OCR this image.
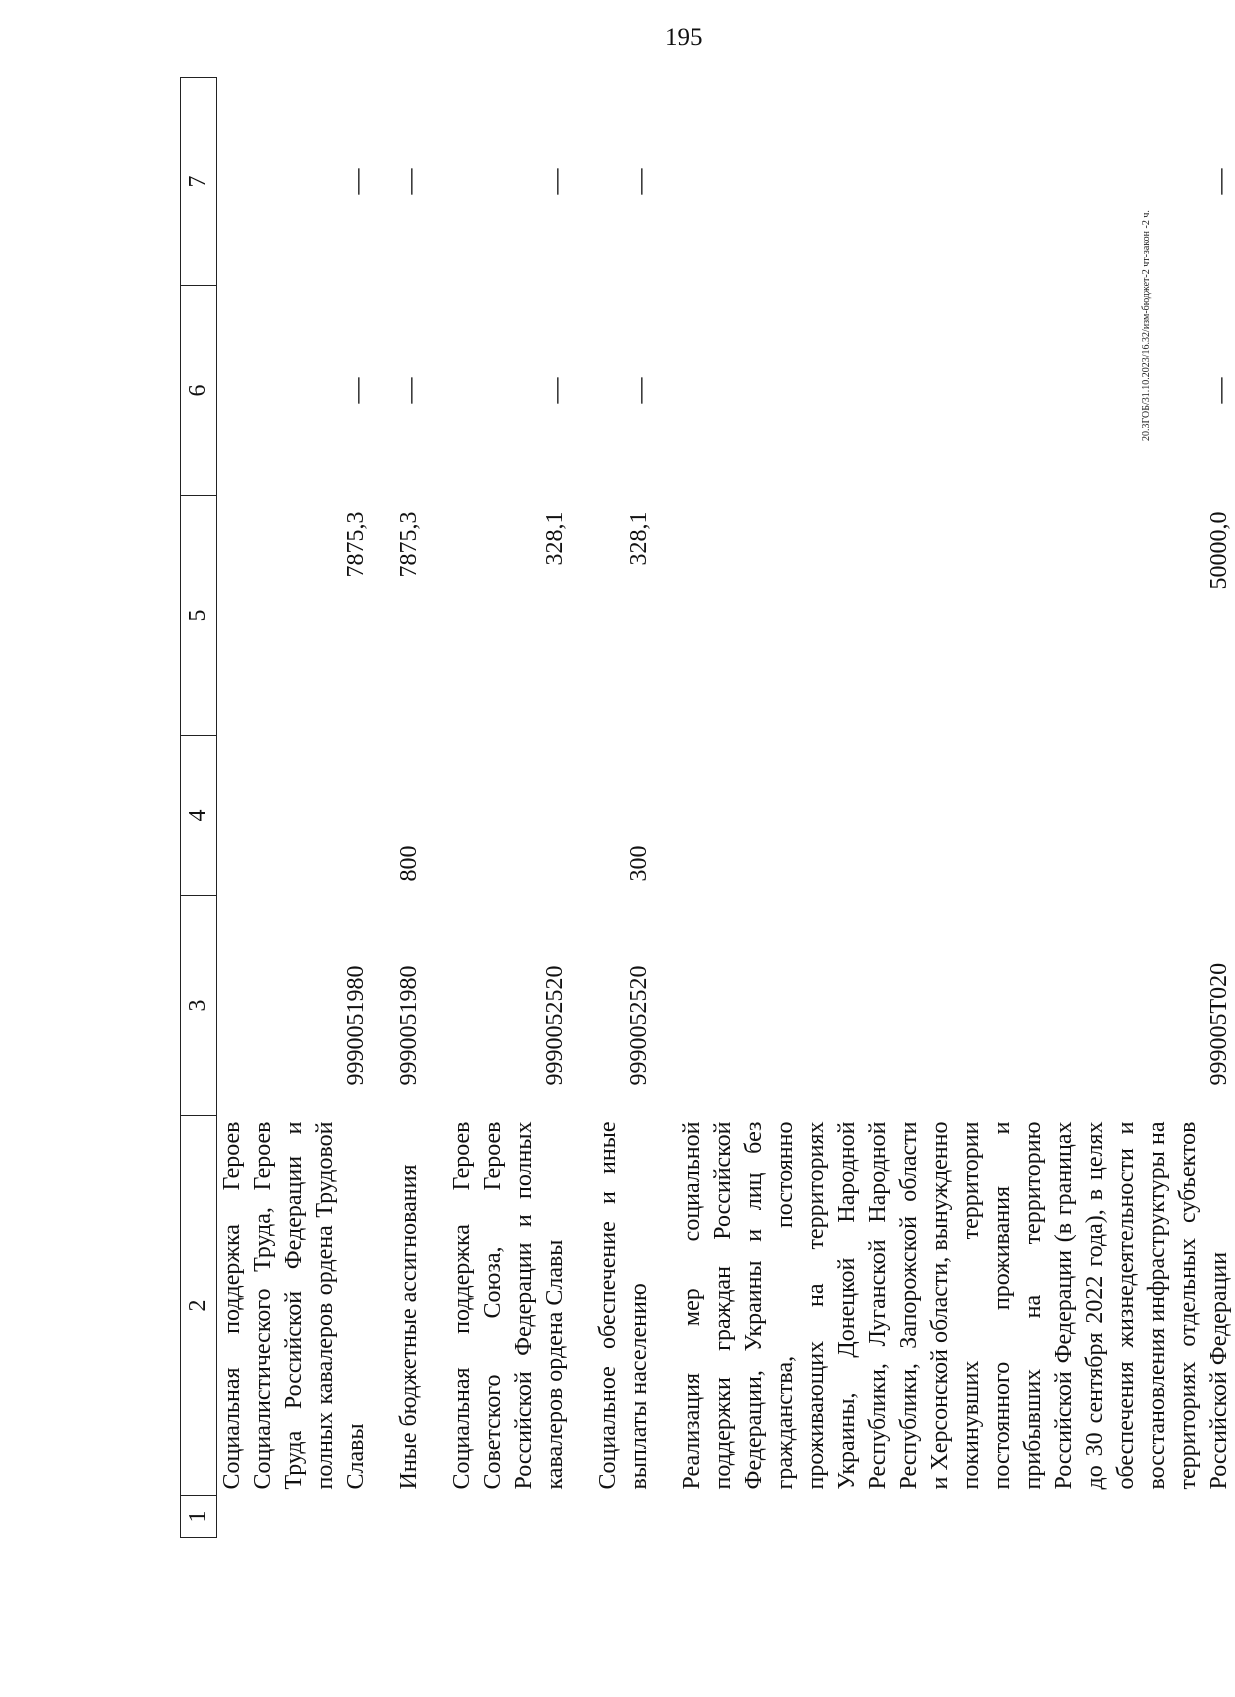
195
20.3ГОБ/31.10.2023/16.32/изм-бюджет-2 чт-закон -2 ч.
1	2	3	4	5	6	7
	Социальная поддержка Героев Социалистического Труда, Героев Труда Российской Федерации и полных кавалеров ордена Трудовой Славы	9990051980		7875,3	—	—

	Иные бюджетные ассигнования	9990051980	800	7875,3	—	—

	Социальная поддержка Героев Советского Союза, Героев Российской Федерации и полных кавалеров ордена Славы	9990052520		328,1	—	—

	Социальное обеспечение и иные выплаты населению	9990052520	300	328,1	—	—

	Реализация мер социальной поддержки граждан Российской Федерации, Украины и лиц без гражданства, постоянно проживающих на территориях Украины, Донецкой Народной Республики, Луганской Народной Республики, Запорожской области и Херсонской области, вынужденно покинувших территории постоянного проживания и прибывших на территорию Российской Федерации (в границах до 30 сентября 2022 года), в целях обеспечения жизнедеятельности и восстановления инфраструктуры на территориях отдельных субъектов Российской Федерации	999005Т020		50000,0	—	—
